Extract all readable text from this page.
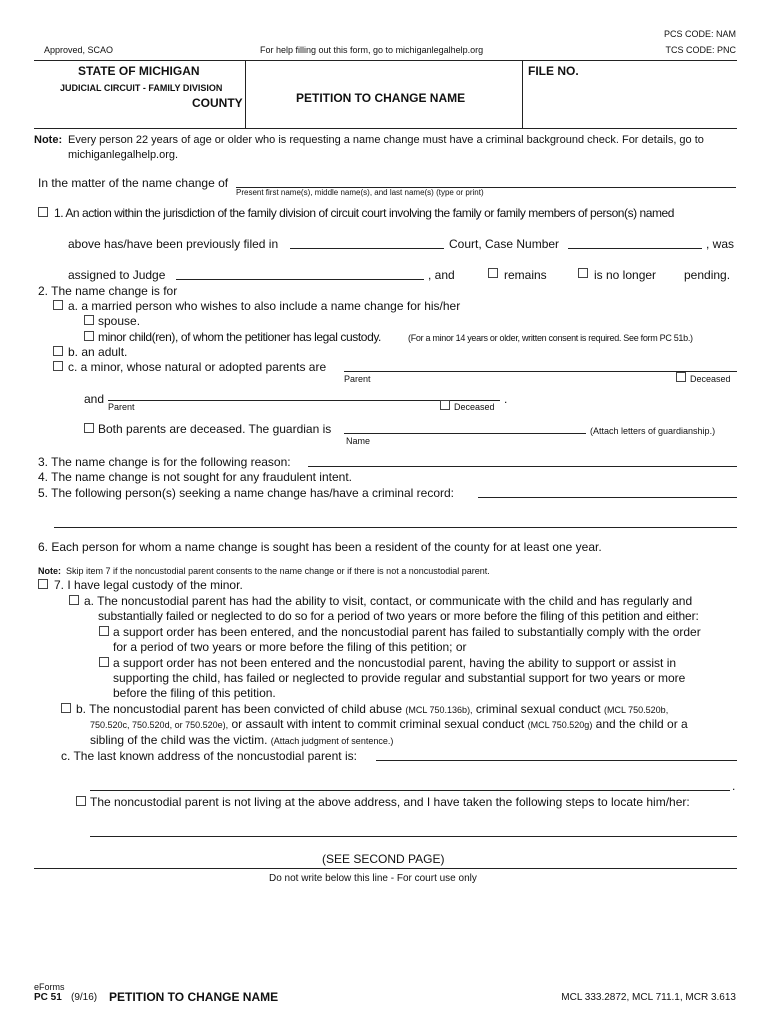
Approved, SCAO	For help filling out this form, go to michiganlegalhelp.org
PCS CODE: NAM
TCS CODE: PNC
STATE OF MICHIGAN
JUDICIAL CIRCUIT - FAMILY DIVISION
COUNTY	PETITION TO CHANGE NAME
FILE NO.
Note: Every person 22 years of age or older who is requesting a name change must have a criminal background check. For details, go to
michiganlegalhelp.org.
In the matter of the name change of
Present first name(s), middle name(s), and last name(s) (type or print)
1. An action within the jurisdiction of the family division of circuit court involving the family or family members of person(s) named
above has/have been previously filed in	Court, Case Number	, was
assigned to Judge	, and	remains	is no longer pending.
2. The name change is for
a. a married person who wishes to also include a name change for his/her
spouse.
minor child(ren), of whom the petitioner has legal custody.	(For a minor 14 years or older, written consent is required. See form PC 51b.)
b. an adult.
c. a minor, whose natural or adopted parents are
Parent	Deceased
and	.
Parent	Deceased
Both parents are deceased. The guardian is
Name
(Attach letters of guardianship.)
3. The name change is for the following reason:
4. The name change is not sought for any fraudulent intent.
5. The following person(s) seeking a name change has/have a criminal record:
6. Each person for whom a name change is sought has been a resident of the county for at least one year.
Note: Skip item 7 if the noncustodial parent consents to the name change or if there is not a noncustodial parent.
7. I have legal custody of the minor.
a. The noncustodial parent has had the ability to visit, contact, or communicate with the child and has regularly and
substantially failed or neglected to do so for a period of two years or more before the filing of this petition and either:
a support order has been entered, and the noncustodial parent has failed to substantially comply with the order
for a period of two years or more before the filing of this petition; or
a support order has not been entered and the noncustodial parent, having the ability to support or assist in
supporting the child, has failed or neglected to provide regular and substantial support for two years or more
before the filing of this petition.
b. The noncustodial parent has been convicted of child abuse (MCL 750.136b), criminal sexual conduct (MCL 750.520b,
750.520c, 750.520d, or 750.520e), or assault with intent to commit criminal sexual conduct (MCL 750.520g) and the child or a
sibling of the child was the victim. (Attach judgment of sentence.)
c. The last known address of the noncustodial parent is:
.
The noncustodial parent is not living at the above address, and I have taken the following steps to locate him/her:
(SEE SECOND PAGE)
Do not write below this line - For court use only
eForms
PC 51 (9/16) PETITION TO CHANGE NAME	MCL 333.2872, MCL 711.1, MCR 3.613
